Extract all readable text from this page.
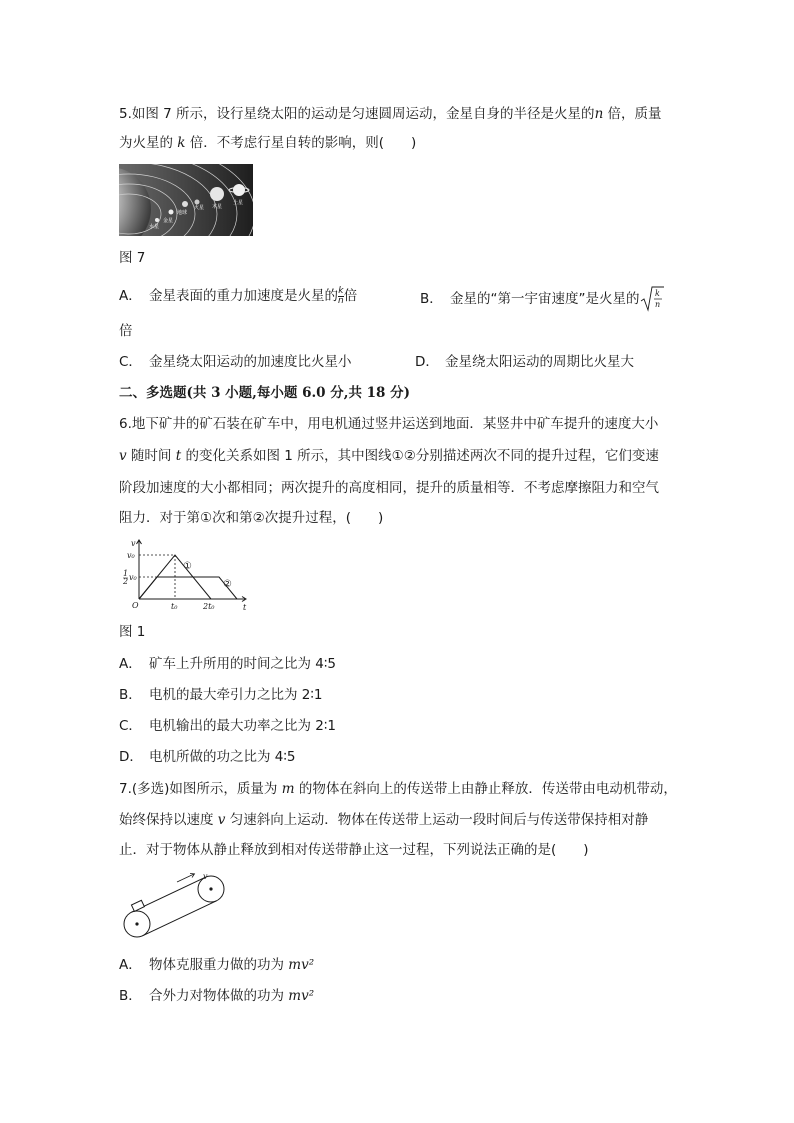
5.如图 7 所示，设行星绕太阳的运动是匀速圆周运动，金星自身的半径是火星的n 倍，质量
为火星的 k 倍．不考虑行星自转的影响，则(　　)
水星
金星
地球
火星 木星
土星
图 7
A． 金星表面的重力加速度是火星的 $\frac{k}{n}$ 倍	B． 金星的“第一宇宙速度”是火星的 k
n
倍
C． 金星绕太阳运动的加速度比火星小	D． 金星绕太阳运动的周期比火星大
二、多选题(共 3 小题,每小题 6.0 分,共 18 分)
6.地下矿井的矿石装在矿车中，用电机通过竖井运送到地面．某竖井中矿车提升的速度大小
v 随时间 t 的变化关系如图 1 所示，其中图线①②分别描述两次不同的提升过程，它们变速
阶段加速度的大小都相同；两次提升的高度相同，提升的质量相等．不考虑摩擦阻力和空气
阻力．对于第①次和第②次提升过程，(　　)
v
t
v₀
1
2 v₀
O	t₀	2t₀
①
②
图 1
A． 矿车上升所用的时间之比为 4∶5
B． 电机的最大牵引力之比为 2∶1
C． 电机输出的最大功率之比为 2∶1
D． 电机所做的功之比为 4∶5
7.(多选)如图所示，质量为 m 的物体在斜向上的传送带上由静止释放．传送带由电动机带动，
始终保持以速度 v 匀速斜向上运动．物体在传送带上运动一段时间后与传送带保持相对静
止．对于物体从静止释放到相对传送带静止这一过程，下列说法正确的是(　　)
v
A． 物体克服重力做的功为 mv²
B． 合外力对物体做的功为 mv²
